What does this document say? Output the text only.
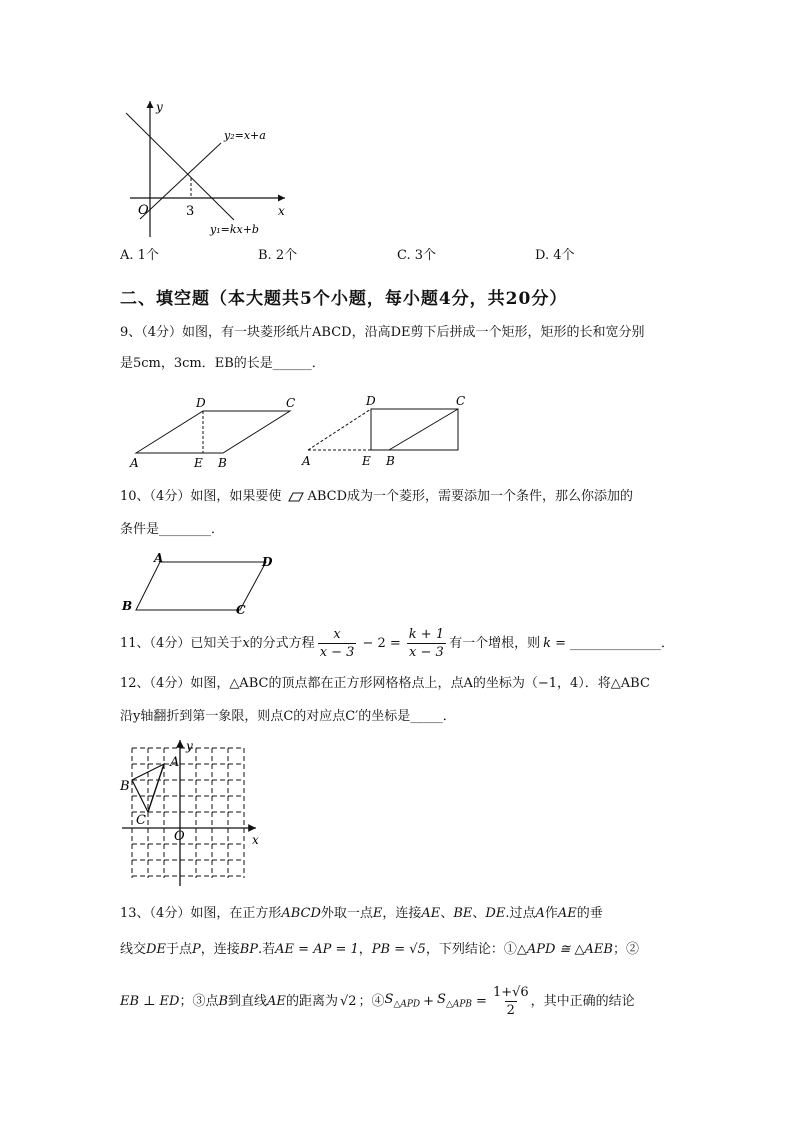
y
x
O	3
y₂=x+a
y₁=kx+b
A. 1个	B. 2个	C. 3个	D. 4个
二、填空题（本大题共5个小题，每小题4分，共20分）
9、（4分）如图，有一块菱形纸片ABCD，沿高DE剪下后拼成一个矩形，矩形的长和宽分别
是5cm，3cm．EB的长是______．
A	E B
D	C
A	E B
D	C
10、（4分）如图，如果要使 ABCD成为一个菱形，需要添加一个条件，那么你添加的
条件是________．
A	D
B	C
11、（4分）已知关于 x 的分式方程 $\frac{x}{x - 3} - 2 = \frac{k + 1}{x - 3}$ 有一个增根，则 k = ______________．
12、（4分）如图，△ABC的顶点都在正方形网格格点上，点A的坐标为（−1，4）．将△ABC
沿y轴翻折到第一象限，则点C的对应点C′的坐标是_____．
A
B
C
O	x
y
13、（4分）如图，在正方形ABCD外取一点E，连接AE、BE、DE.过点A作AE的垂
线交DE于点P，连接BP.若AE = AP = 1，PB = √5，下列结论：①△APD ≅ △AEB；②
EB ⊥ ED ；③点 B 到直线 AE 的距离为 √2 ；④ $S_{\triangle APD} + S_{\triangle APB} = \frac{1+√6}{2}$ ，其中正确的结论
